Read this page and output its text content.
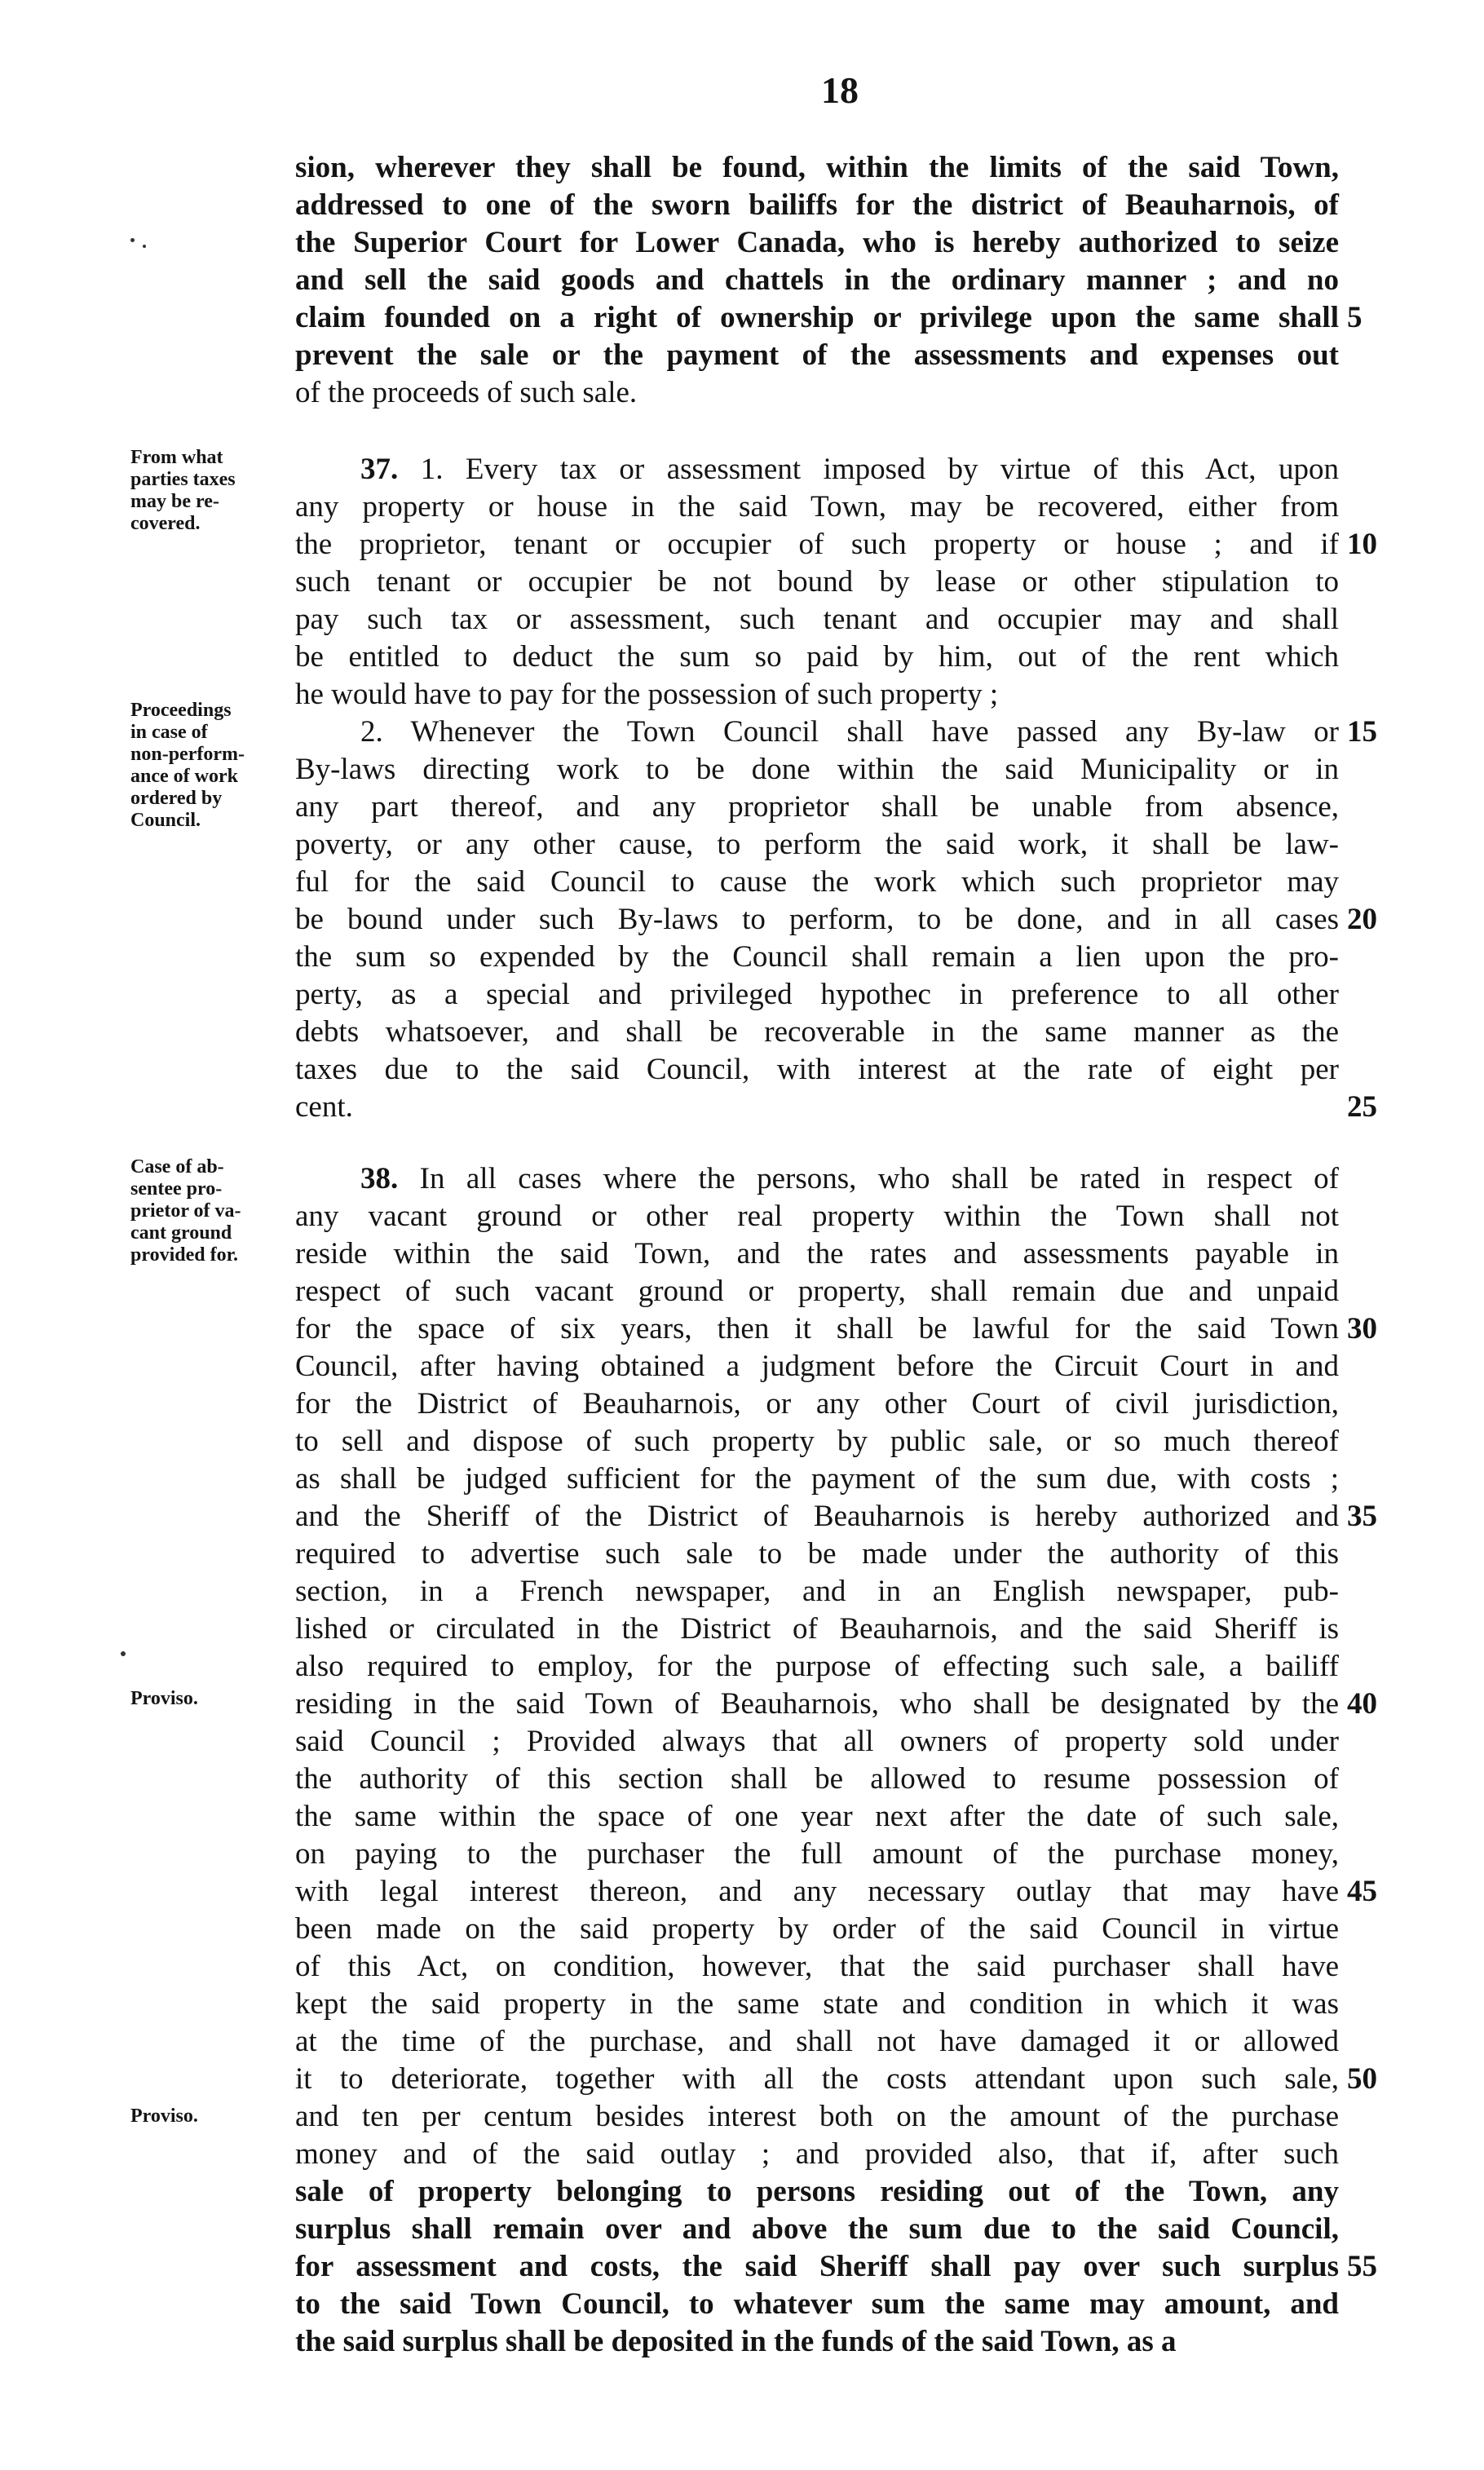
18
sion, wherever they shall be found, within the limits of the said Town,
addressed to one of the sworn bailiffs for the district of Beauharnois, of
the Superior Court for Lower Canada, who is hereby authorized to seize
and sell the said goods and chattels in the ordinary manner ; and no
claim founded on a right of ownership or privilege upon the same shall
prevent the sale or the payment of the assessments and expenses out
of the proceeds of such sale.
37. 1. Every tax or assessment imposed by virtue of this Act, upon
any property or house in the said Town, may be recovered, either from
the proprietor, tenant or occupier of such property or house ; and if
such tenant or occupier be not bound by lease or other stipulation to
pay such tax or assessment, such tenant and occupier may and shall
be entitled to deduct the sum so paid by him, out of the rent which
he would have to pay for the possession of such property ;
2. Whenever the Town Council shall have passed any By-law or
By-laws directing work to be done within the said Municipality or in
any part thereof, and any proprietor shall be unable from absence,
poverty, or any other cause, to perform the said work, it shall be law-
ful for the said Council to cause the work which such proprietor may
be bound under such By-laws to perform, to be done, and in all cases
the sum so expended by the Council shall remain a lien upon the pro-
perty, as a special and privileged hypothec in preference to all other
debts whatsoever, and shall be recoverable in the same manner as the
taxes due to the said Council, with interest at the rate of eight per
cent.
38. In all cases where the persons, who shall be rated in respect of
any vacant ground or other real property within the Town shall not
reside within the said Town, and the rates and assessments payable in
respect of such vacant ground or property, shall remain due and unpaid
for the space of six years, then it shall be lawful for the said Town
Council, after having obtained a judgment before the Circuit Court in and
for the District of Beauharnois, or any other Court of civil jurisdiction,
to sell and dispose of such property by public sale, or so much thereof
as shall be judged sufficient for the payment of the sum due, with costs ;
and the Sheriff of the District of Beauharnois is hereby authorized and
required to advertise such sale to be made under the authority of this
section, in a French newspaper, and in an English newspaper, pub-
lished or circulated in the District of Beauharnois, and the said Sheriff is
also required to employ, for the purpose of effecting such sale, a bailiff
residing in the said Town of Beauharnois, who shall be designated by the
said Council ; Provided always that all owners of property sold under
the authority of this section shall be allowed to resume possession of
the same within the space of one year next after the date of such sale,
on paying to the purchaser the full amount of the purchase money,
with legal interest thereon, and any necessary outlay that may have
been made on the said property by order of the said Council in virtue
of this Act, on condition, however, that the said purchaser shall have
kept the said property in the same state and condition in which it was
at the time of the purchase, and shall not have damaged it or allowed
it to deteriorate, together with all the costs attendant upon such sale,
and ten per centum besides interest both on the amount of the purchase
money and of the said outlay ; and provided also, that if, after such
sale of property belonging to persons residing out of the Town, any
surplus shall remain over and above the sum due to the said Council,
for assessment and costs, the said Sheriff shall pay over such surplus
to the said Town Council, to whatever sum the same may amount, and
the said surplus shall be deposited in the funds of the said Town, as a
From what
parties taxes
may be re-
covered.
Proceedings
in case of
non-perform-
ance of work
ordered by
Council.
Case of ab-
sentee pro-
prietor of va-
cant ground
provided for.
Proviso.
Proviso.
5
10
15
20
25
30
35
40
45
50
55
